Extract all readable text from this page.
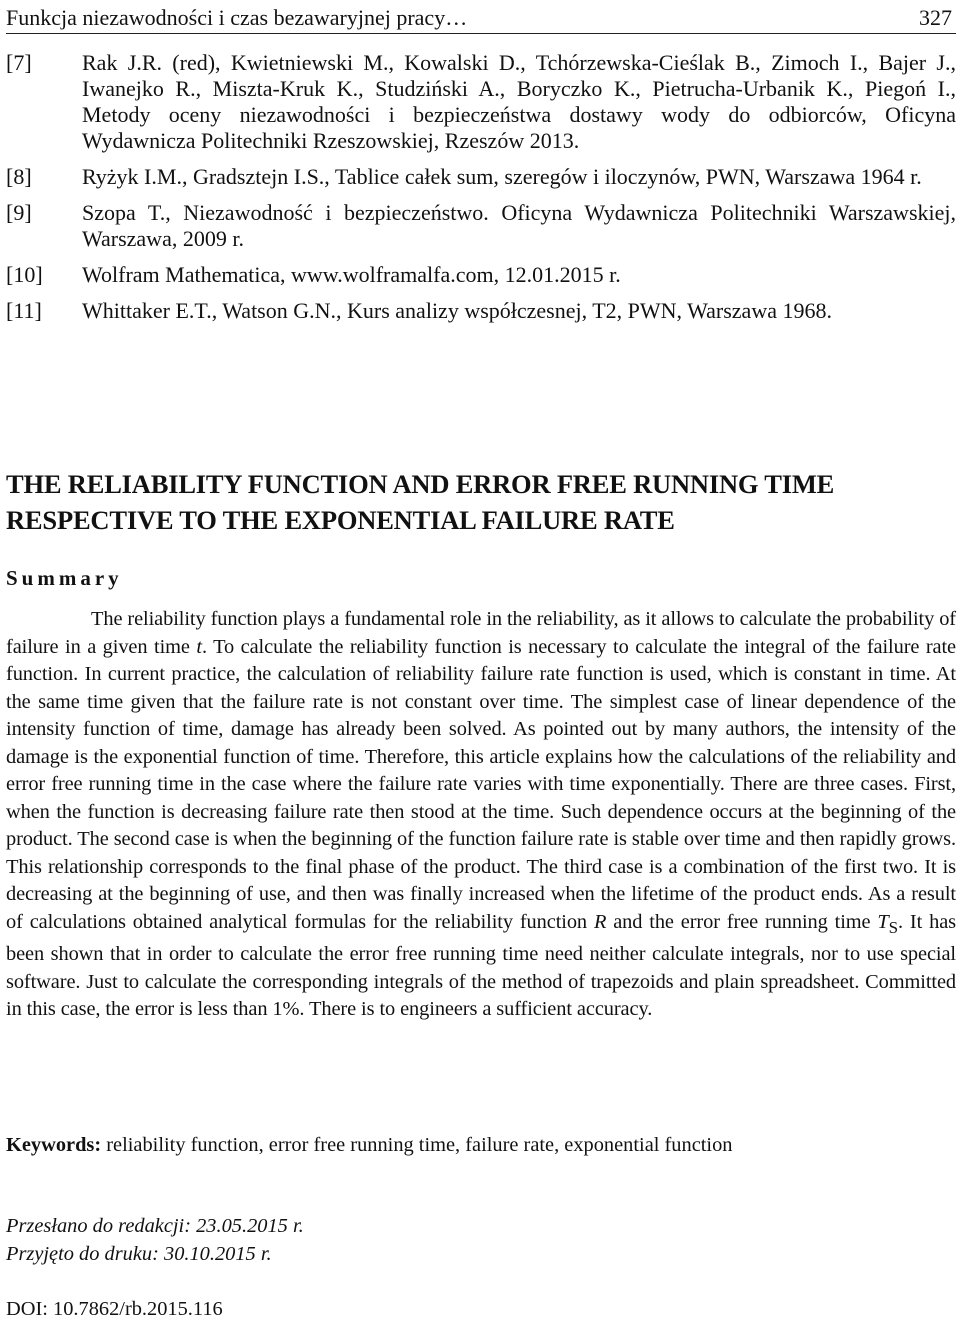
Funkcja niezawodności i czas bezawaryjnej pracy…	327
[7] Rak J.R. (red), Kwietniewski M., Kowalski D., Tchórzewska-Cieślak B., Zimoch I., Bajer J., Iwanejko R., Miszta-Kruk K., Studziński A., Boryczko K., Pietrucha-Urbanik K., Piegoń I., Metody oceny niezawodności i bezpieczeństwa dostawy wody do odbiorców, Oficyna Wydawnicza Politechniki Rzeszowskiej, Rzeszów 2013.
[8] Ryżyk I.M., Gradsztejn I.S., Tablice całek sum, szeregów i iloczynów, PWN, Warszawa 1964 r.
[9] Szopa T., Niezawodność i bezpieczeństwo. Oficyna Wydawnicza Politechniki Warszawskiej, Warszawa, 2009 r.
[10] Wolfram Mathematica, www.wolframalfa.com, 12.01.2015 r.
[11] Whittaker E.T., Watson G.N., Kurs analizy współczesnej, T2, PWN, Warszawa 1968.
THE RELIABILITY FUNCTION AND ERROR FREE RUNNING TIME RESPECTIVE TO THE EXPONENTIAL FAILURE RATE
Summary
The reliability function plays a fundamental role in the reliability, as it allows to calculate the probability of failure in a given time t. To calculate the reliability function is necessary to calculate the integral of the failure rate function. In current practice, the calculation of reliability failure rate function is used, which is constant in time. At the same time given that the failure rate is not constant over time. The simplest case of linear dependence of the intensity function of time, damage has already been solved. As pointed out by many authors, the intensity of the damage is the exponential function of time. Therefore, this article explains how the calculations of the reliability and error free running time in the case where the failure rate varies with time exponentially. There are three cases. First, when the function is decreasing failure rate then stood at the time. Such dependence occurs at the beginning of the product. The second case is when the beginning of the function failure rate is stable over time and then rapidly grows. This relationship corresponds to the final phase of the product. The third case is a combination of the first two. It is decreasing at the beginning of use, and then was finally increased when the lifetime of the product ends. As a result of calculations obtained analytical formulas for the reliability function R and the error free running time $T_S$. It has been shown that in order to calculate the error free running time need neither calculate integrals, nor to use special software. Just to calculate the corresponding integrals of the method of trapezoids and plain spreadsheet. Committed in this case, the error is less than 1%. There is to engineers a sufficient accuracy.
Keywords: reliability function, error free running time, failure rate, exponential function
Przesłano do redakcji: 23.05.2015 r.
Przyjęto do druku: 30.10.2015 r.
DOI: 10.7862/rb.2015.116
